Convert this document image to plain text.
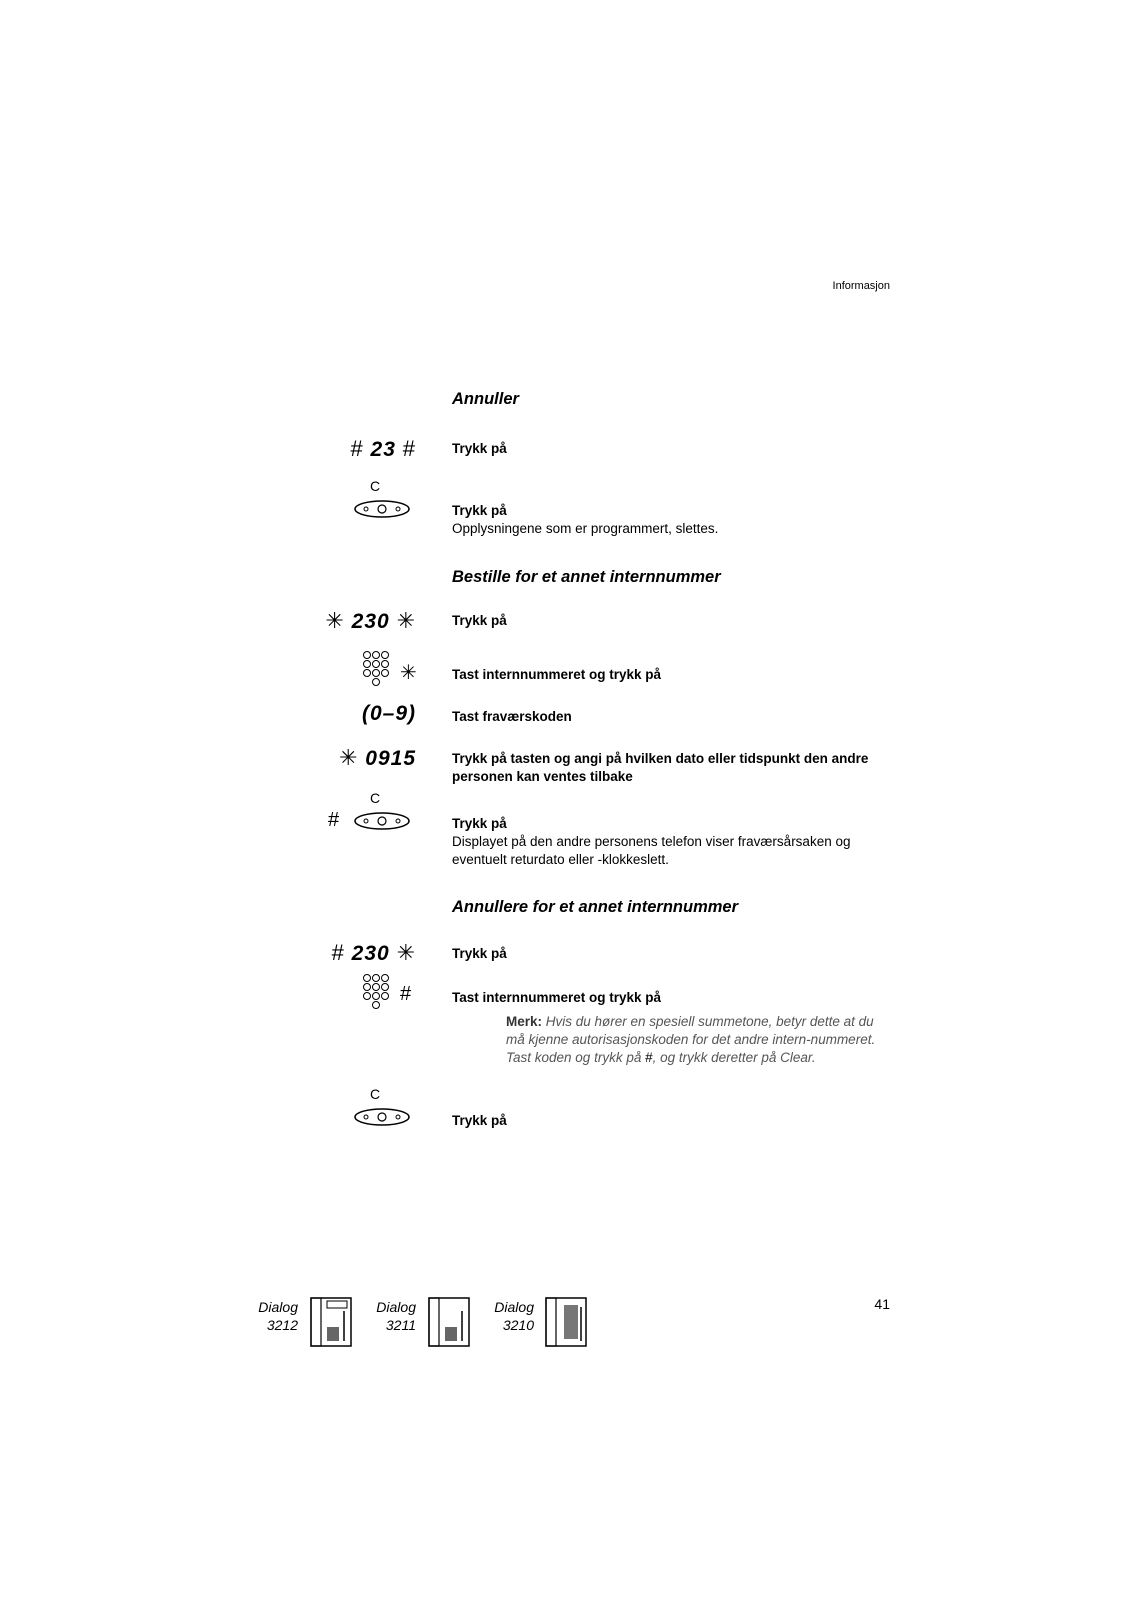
Informasjon
Annuller
# 23 #	Trykk på
C
Trykk på
Opplysningene som er programmert, slettes.
Bestille for et annet internnummer
✳ 230 ✳	Trykk på
✳	Tast internnummeret og trykk på
(0–9)	Tast fraværskoden
✳ 0915	Trykk på tasten og angi på hvilken dato eller tidspunkt den andre personen kan ventes tilbake
C
#	Trykk på
Displayet på den andre personens telefon viser fraværsårsaken og eventuelt returdato eller -klokkeslett.
Annullere for et annet internnummer
# 230 ✳	Trykk på
#	Tast internnummeret og trykk på
Merk: Hvis du hører en spesiell summetone, betyr dette at du må kjenne autorisasjonskoden for det andre intern-nummeret. Tast koden og trykk på #, og trykk deretter på Clear.
C
Trykk på
Dialog
3212
Dialog
3211
Dialog
3210
41
